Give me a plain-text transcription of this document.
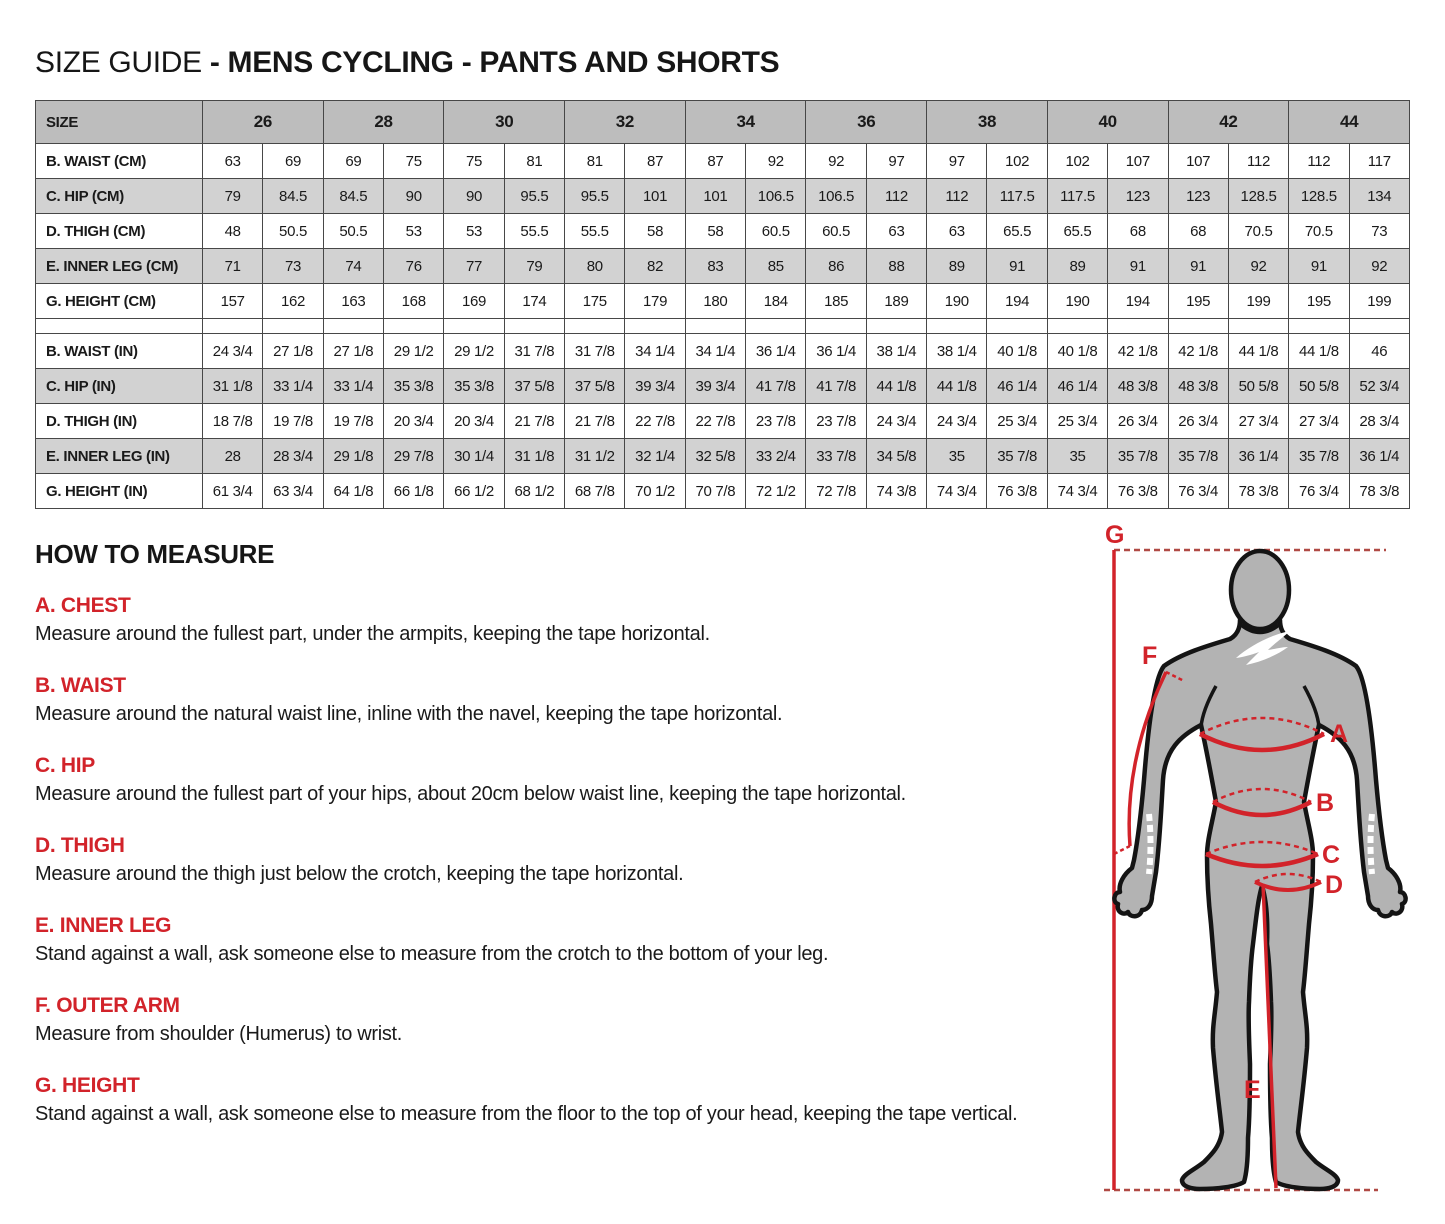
SIZE GUIDE - MENS CYCLING - PANTS AND SHORTS
SIZE	26		28		30		32		34		36		38		40		42		44	
B. WAIST (CM)	63	69	69	75	75	81	81	87	87	92	92	97	97	102	102	107	107	112	112	117
C. HIP (CM)	79	84.5	84.5	90	90	95.5	95.5	101	101	106.5	106.5	112	112	117.5	117.5	123	123	128.5	128.5	134
D. THIGH (CM)	48	50.5	50.5	53	53	55.5	55.5	58	58	60.5	60.5	63	63	65.5	65.5	68	68	70.5	70.5	73
E. INNER LEG (CM)	71	73	74	76	77	79	80	82	83	85	86	88	89	91	89	91	91	92	91	92
G. HEIGHT (CM)	157	162	163	168	169	174	175	179	180	184	185	189	190	194	190	194	195	199	195	199

B. WAIST (IN)	24 3/4	27 1/8	27 1/8	29 1/2	29 1/2	31 7/8	31 7/8	34 1/4	34 1/4	36 1/4	36 1/4	38 1/4	38 1/4	40 1/8	40 1/8	42 1/8	42 1/8	44 1/8	44 1/8	46
C. HIP (IN)	31 1/8	33 1/4	33 1/4	35 3/8	35 3/8	37 5/8	37 5/8	39 3/4	39 3/4	41 7/8	41 7/8	44 1/8	44 1/8	46 1/4	46 1/4	48 3/8	48 3/8	50 5/8	50 5/8	52 3/4
D. THIGH (IN)	18 7/8	19 7/8	19 7/8	20 3/4	20 3/4	21 7/8	21 7/8	22 7/8	22 7/8	23 7/8	23 7/8	24 3/4	24 3/4	25 3/4	25 3/4	26 3/4	26 3/4	27 3/4	27 3/4	28 3/4
E. INNER LEG (IN)	28	28 3/4	29 1/8	29 7/8	30 1/4	31 1/8	31 1/2	32 1/4	32 5/8	33 2/4	33 7/8	34 5/8	35	35 7/8	35	35 7/8	35 7/8	36 1/4	35 7/8	36 1/4
G. HEIGHT (IN)	61 3/4	63 3/4	64 1/8	66 1/8	66 1/2	68 1/2	68 7/8	70 1/2	70 7/8	72 1/2	72 7/8	74 3/8	74 3/4	76 3/8	74 3/4	76 3/8	76 3/4	78 3/8	76 3/4	78 3/8
HOW TO MEASURE
A. CHEST

Measure around the fullest part, under the armpits, keeping the tape horizontal.

B. WAIST

Measure around the natural waist line, inline with the navel, keeping the tape horizontal.

C. HIP

Measure around the fullest part of your hips, about 20cm below waist line, keeping the tape horizontal.

D. THIGH

Measure around the thigh just below the crotch, keeping the tape horizontal.

E. INNER LEG

Stand against a wall, ask someone else to measure from the crotch to the bottom of your leg.

F. OUTER ARM

Measure from shoulder (Humerus) to wrist.

G. HEIGHT

Stand against a wall, ask someone else to measure from the floor to the top of your head, keeping the tape vertical.

G
F
A
B
C
D
E
